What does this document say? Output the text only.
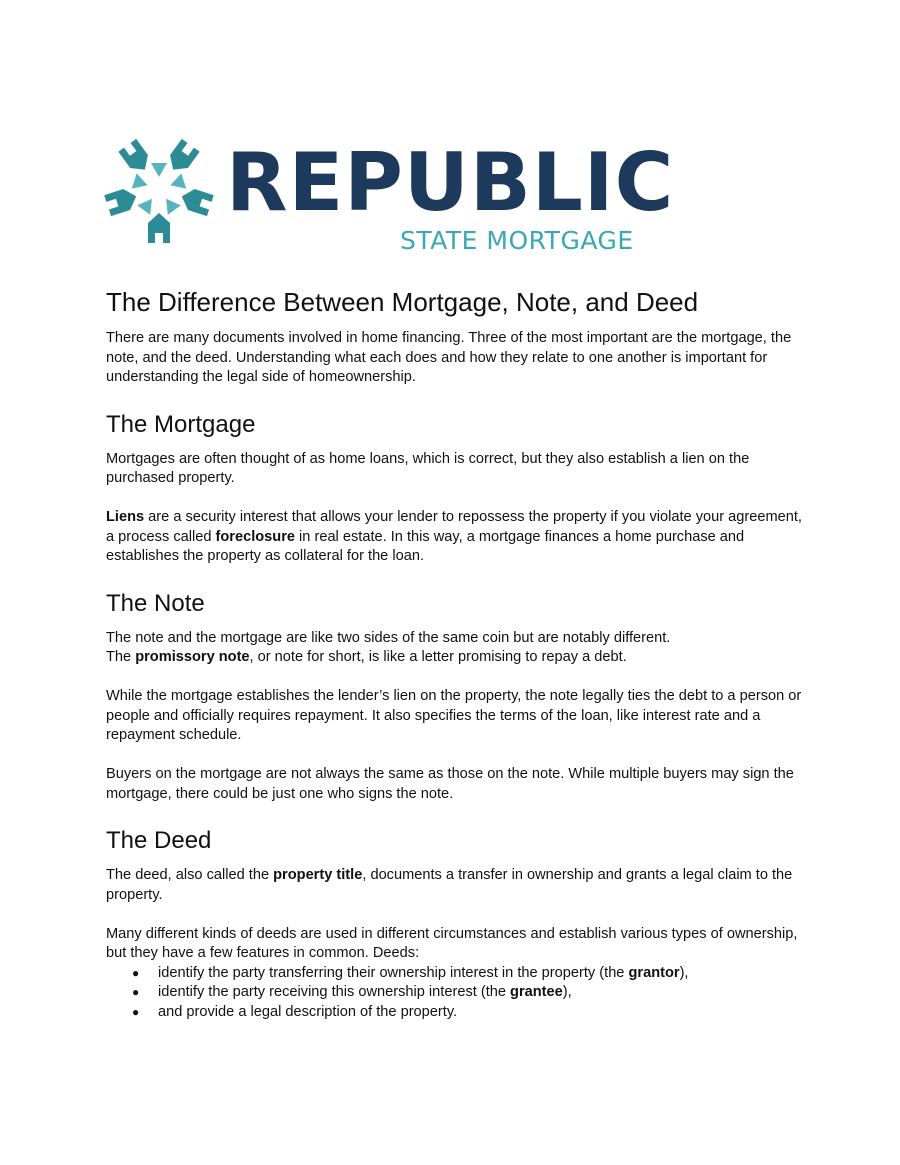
REPUBLIC
STATE MORTGAGE
The Difference Between Mortgage, Note, and Deed

There are many documents involved in home financing. Three of the most important are the mortgage, the note, and the deed. Understanding what each does and how they relate to one another is important for understanding the legal side of homeownership.

The Mortgage

Mortgages are often thought of as home loans, which is correct, but they also establish a lien on the purchased property.

Liens are a security interest that allows your lender to repossess the property if you violate your agreement, a process called foreclosure in real estate. In this way, a mortgage finances a home purchase and establishes the property as collateral for the loan.

The Note

The note and the mortgage are like two sides of the same coin but are notably different.

The promissory note, or note for short, is like a letter promising to repay a debt.

While the mortgage establishes the lender’s lien on the property, the note legally ties the debt to a person or people and officially requires repayment. It also specifies the terms of the loan, like interest rate and a repayment schedule.

Buyers on the mortgage are not always the same as those on the note. While multiple buyers may sign the mortgage, there could be just one who signs the note.

The Deed

The deed, also called the property title, documents a transfer in ownership and grants a legal claim to the property.

Many different kinds of deeds are used in different circumstances and establish various types of ownership, but they have a few features in common. Deeds:

● identify the party transferring their ownership interest in the property (the grantor),
● identify the party receiving this ownership interest (the grantee),
● and provide a legal description of the property.
